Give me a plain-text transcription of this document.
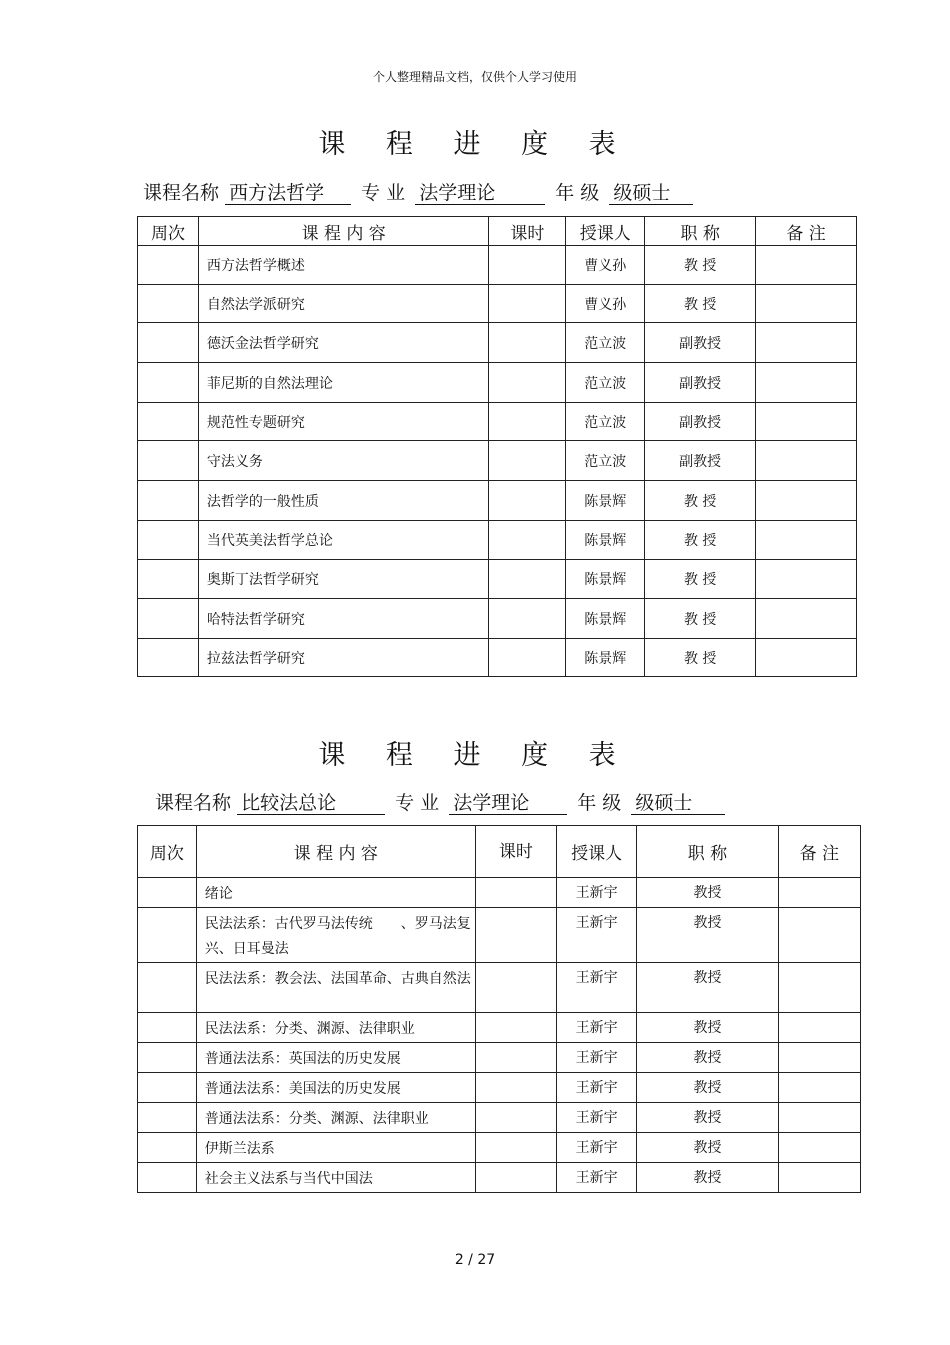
个人整理精品文档，仅供个人学习使用
课 程 进 度 表
课程名称 西方法哲学 专 业 法学理论	年 级 级硕士
周次	课 程 内 容	课时	授课人	职 称	备 注
	西方法哲学概述		曹义孙	教 授	
	自然法学派研究		曹义孙	教 授	
	德沃金法哲学研究		范立波	副教授	
	菲尼斯的自然法理论		范立波	副教授	
	规范性专题研究		范立波	副教授	
	守法义务		范立波	副教授	
	法哲学的一般性质		陈景辉	教 授	
	当代英美法哲学总论		陈景辉	教 授	
	奥斯丁法哲学研究		陈景辉	教 授	
	哈特法哲学研究		陈景辉	教 授	
	拉兹法哲学研究		陈景辉	教 授	
课 程 进 度 表
课程名称 比较法总论	专 业 法学理论	年 级 级硕士
周次	课 程 内 容	课时	授课人	职 称	备 注
	绪论		王新宇	教授	
	民法法系：古代罗马法传统　　、罗马法复兴、日耳曼法		王新宇	教授	
	民法法系：教会法、法国革命、古典自然法		王新宇	教授	
	民法法系：分类、渊源、法律职业		王新宇	教授	
	普通法法系：英国法的历史发展		王新宇	教授	
	普通法法系：美国法的历史发展		王新宇	教授	
	普通法法系：分类、渊源、法律职业		王新宇	教授	
	伊斯兰法系		王新宇	教授	
	社会主义法系与当代中国法		王新宇	教授	
2 / 27
